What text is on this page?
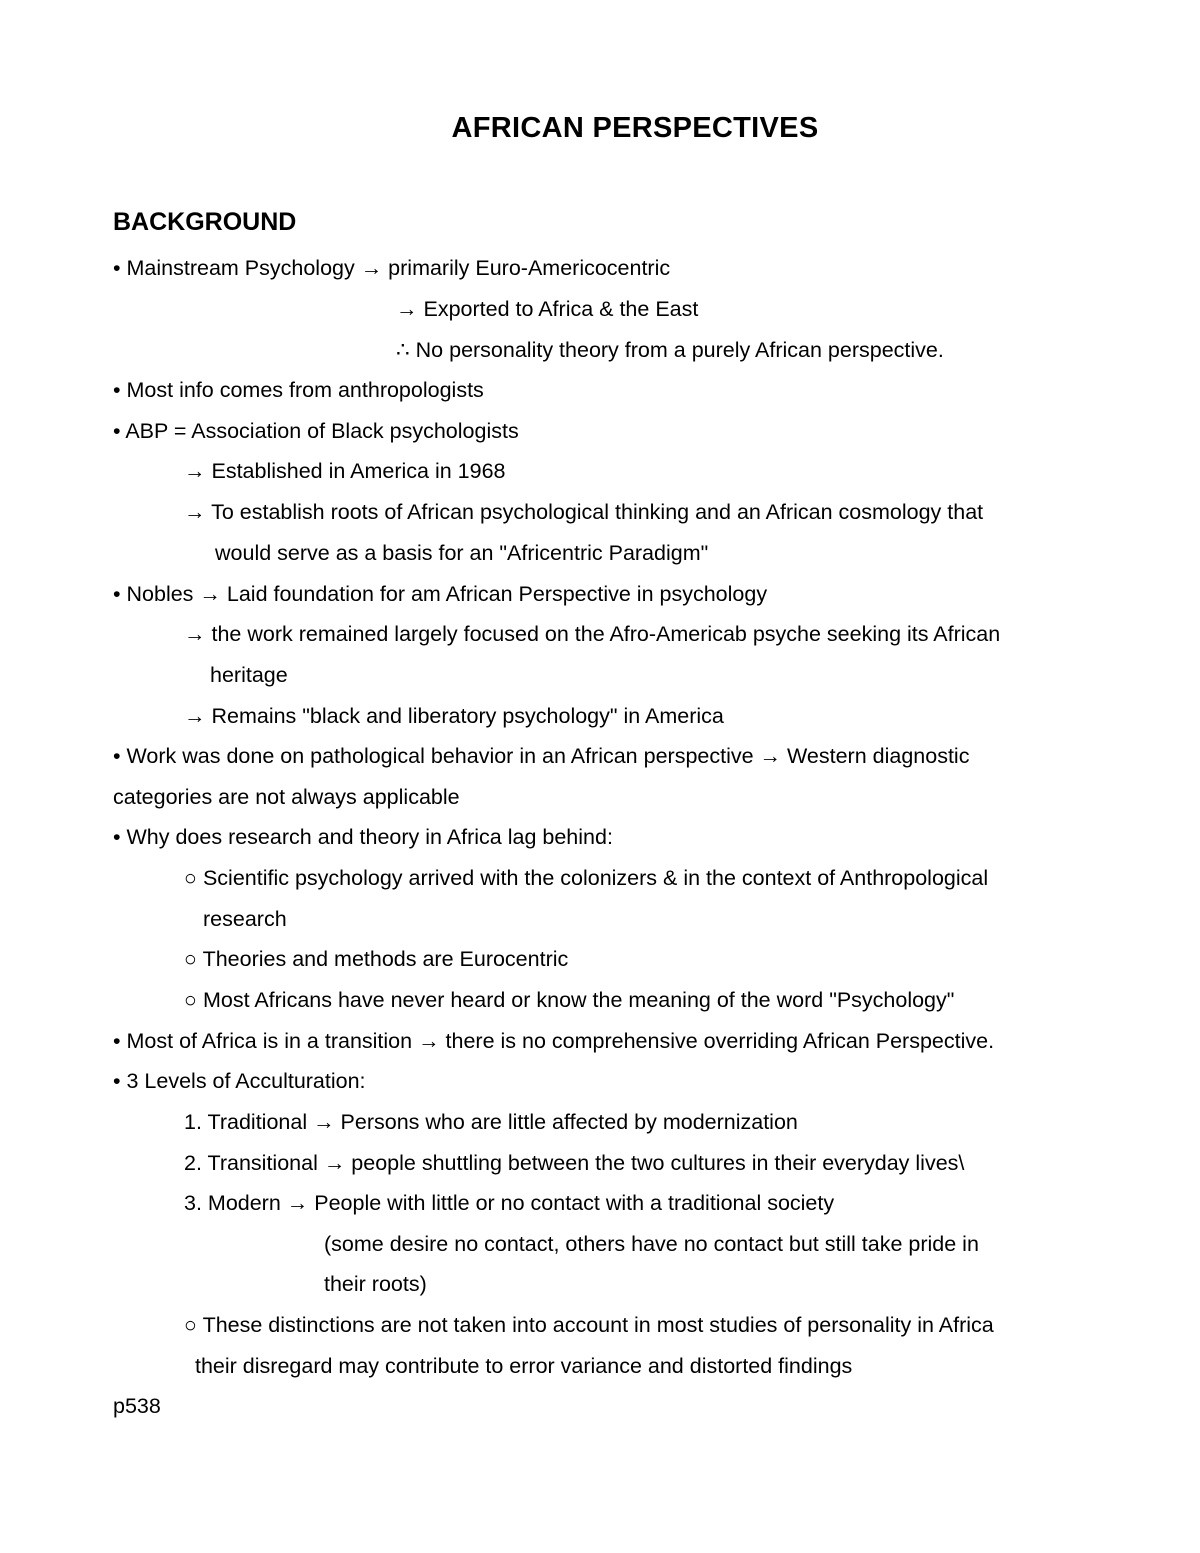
AFRICAN PERSPECTIVES
BACKGROUND
• Mainstream Psychology → primarily Euro-Americocentric
→ Exported to Africa & the East
∴ No personality theory from a purely African perspective.
• Most info comes from anthropologists
• ABP = Association of Black psychologists
→ Established in America in 1968
→ To establish roots of African psychological thinking and an African cosmology that
would serve as a basis for an "Africentric Paradigm"
• Nobles → Laid foundation for am African Perspective in psychology
→ the work remained largely focused on the Afro-Americab psyche seeking its African
heritage
→ Remains "black and liberatory psychology" in America
• Work was done on pathological behavior in an African perspective → Western diagnostic
categories are not always applicable
• Why does research and theory in Africa lag behind:
○ Scientific psychology arrived with the colonizers & in the context of Anthropological
research
○ Theories and methods are Eurocentric
○ Most Africans have never heard or know the meaning of the word "Psychology"
• Most of Africa is in a transition → there is no comprehensive overriding African Perspective.
• 3 Levels of Acculturation:
1. Traditional → Persons who are little affected by modernization
2. Transitional → people shuttling between the two cultures in their everyday lives\
3. Modern → People with little or no contact with a traditional society
(some desire no contact, others have no contact but still take pride in
their roots)
○ These distinctions are not taken into account in most studies of personality in Africa
their disregard may contribute to error variance and distorted findings
p538
